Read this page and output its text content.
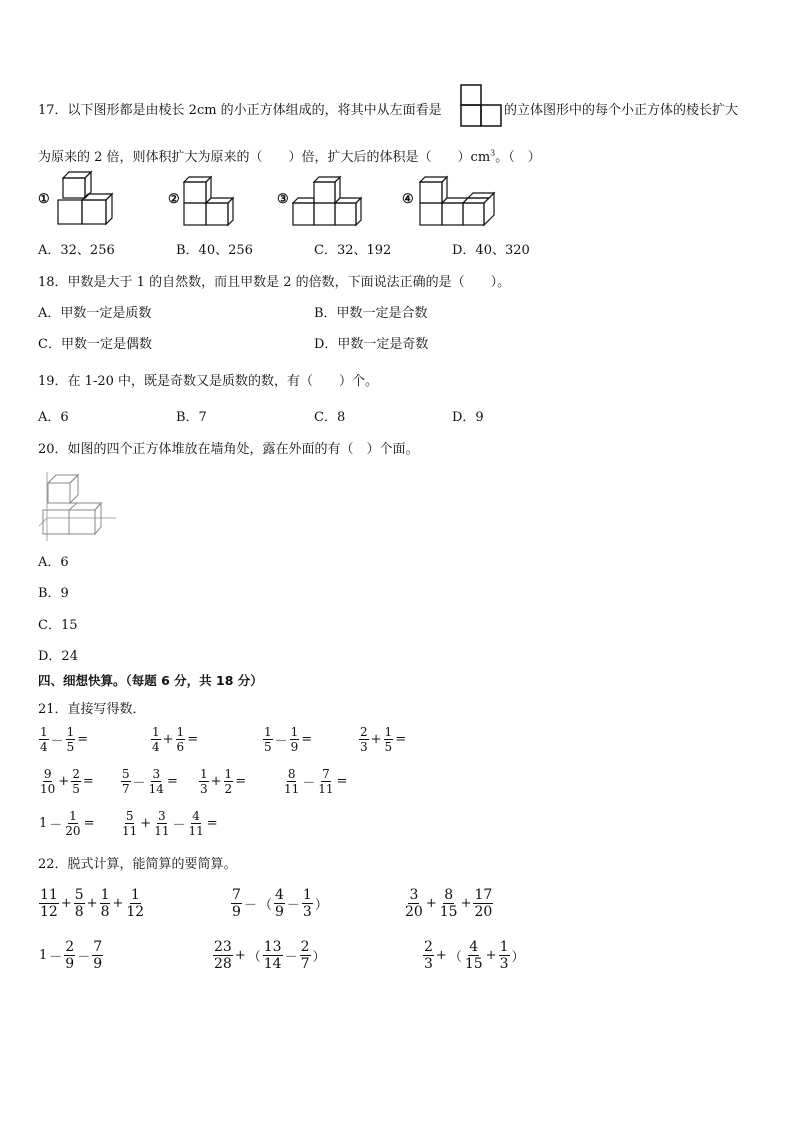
17．以下图形都是由棱长 2cm 的小正方体组成的，将其中从左面看是	的立体图形中的每个小正方体的棱长扩大
为原来的 2 倍，则体积扩大为原来的（　　）倍，扩大后的体积是（　　）$cm^3$。（　）
①	②	③	④
A．32、256	B．40、256	C．32、192	D．40、320
18．甲数是大于 1 的自然数，而且甲数是 2 的倍数，下面说法正确的是（　　）。
A．甲数一定是质数	B．甲数一定是合数
C．甲数一定是偶数	D．甲数一定是奇数
19．在 1-20 中，既是奇数又是质数的数，有（　　）个。
A．6	B．7	C．8	D．9
20．如图的四个正方体堆放在墙角处，露在外面的有（　）个面。
A．6
B．9
C．15
D．24
四、细想快算。（每题 6 分，共 18 分）
21．直接写得数．
$\frac{1}{4} - \frac{1}{5}$ =	$\frac{1}{4} + \frac{1}{6}$ =	$\frac{1}{5} - \frac{1}{9}$ =	$\frac{2}{3} + \frac{1}{5}$ =
$\frac{9}{10} + \frac{2}{5} = \frac{5}{7} - \frac{3}{14} = \frac{1}{3} + \frac{1}{2}$ =	$\frac{8}{11} - \frac{7}{11}$ =
$1 - \frac{1}{20} = \frac{5}{11} + \frac{3}{11} - \frac{4}{11}$ =
22．脱式计算，能简算的要简算。
$\frac{11}{12} + \frac{5}{8} + \frac{1}{8} + \frac{1}{12}$	$\frac{7}{9}$ － （ $\frac{4}{9} - \frac{1}{3}$ ）	$\frac{3}{20} + \frac{8}{15} + \frac{17}{20}$
$1 - \frac{2}{9} - \frac{7}{9}$	$\frac{23}{28}$ + （ $\frac{13}{14} - \frac{2}{7}$ ）	$\frac{2}{3}$ + （ $\frac{4}{15} + \frac{1}{3}$ ）
